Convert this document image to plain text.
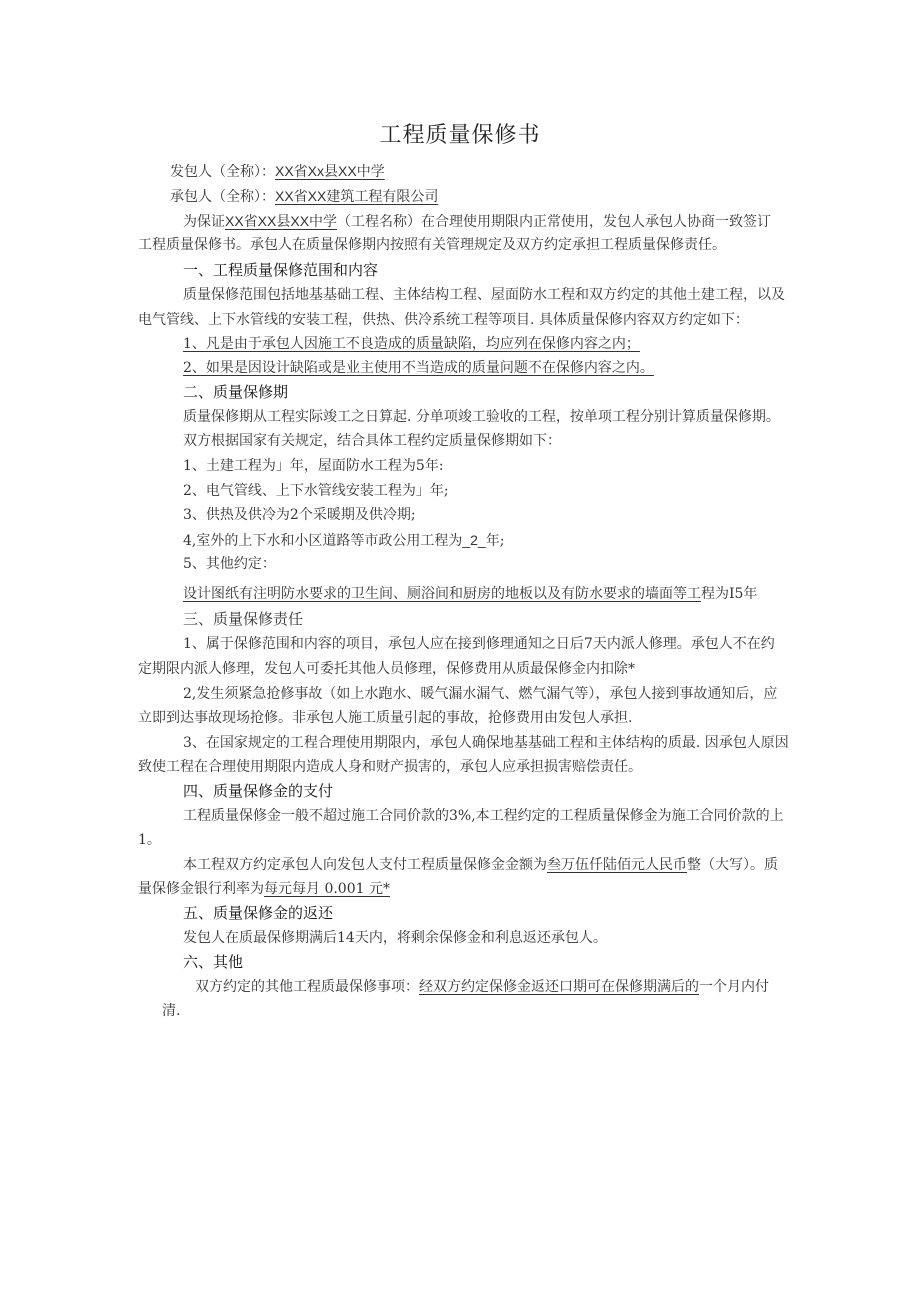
工程质量保修书
发包人（全称）：XX省Xx县XX中学
承包人（全称）：XX省XX建筑工程有限公司
为保证XX省XX县XX中学（工程名称）在合理使用期限内正常使用，发包人承包人协商一致签订
工程质量保修书。承包人在质量保修期内按照有关管理规定及双方约定承担工程质量保修责任。
一、工程质量保修范围和内容
质量保修范围包括地基基础工程、主体结构工程、屋面防水工程和双方约定的其他土建工程，以及
电气管线、上下水管线的安装工程，供热、供冷系统工程等项目. 具体质量保修内容双方约定如下：
1、凡是由于承包人因施工不良造成的质量缺陷，均应列在保修内容之内；
2、如果是因设计缺陷或是业主使用不当造成的质量问题不在保修内容之内。
二、质量保修期
质量保修期从工程实际竣工之日算起. 分单项竣工验收的工程，按单项工程分别计算质量保修期。
双方根据国家有关规定，结合具体工程约定质量保修期如下：
1、土建工程为」年，屋面防水工程为5年:
2、电气管线、上下水管线安装工程为」年;
3、供热及供冷为2个采暖期及供冷期;
4,室外的上下水和小区道路等市政公用工程为_2_年;
5、其他约定：
设计图纸有注明防水要求的卫生间、厕浴间和厨房的地板以及有防水要求的墙面等工程为I5年
三、质量保修责任
1、属于保修范围和内容的项目，承包人应在接到修理通知之日后7天内派人修理。承包人不在约
定期限内派人修理，发包人可委托其他人员修理，保修费用从质最保修金内扣除*
2,发生须紧急抢修事故（如上水跑水、暖气漏水漏气、燃气漏气等），承包人接到事故通知后，应
立即到达事故现场抢修。非承包人施工质量引起的事故，抢修费用由发包人承担.
3、在国家规定的工程合理使用期限内，承包人确保地基基础工程和主体结构的质最. 因承包人原因
致使工程在合理使用期限内造成人身和财产损害的，承包人应承担损害赔偿责任。
四、质量保修金的支付
工程质量保修金一般不超过施工合同价款的3%,本工程约定的工程质量保修金为施工合同价款的上
1。
本工程双方约定承包人向发包人支付工程质量保修金金额为叁万伍仟陆佰元人民币整（大写）。质
量保修金银行利率为每元每月 0.001 元*
五、质量保修金的返还
发包人在质最保修期满后14天内，将剩余保修金和利息返还承包人。
六、其他
双方约定的其他工程质最保修事项：经双方约定保修金返还口期可在保修期满后的一个月内付
清.
